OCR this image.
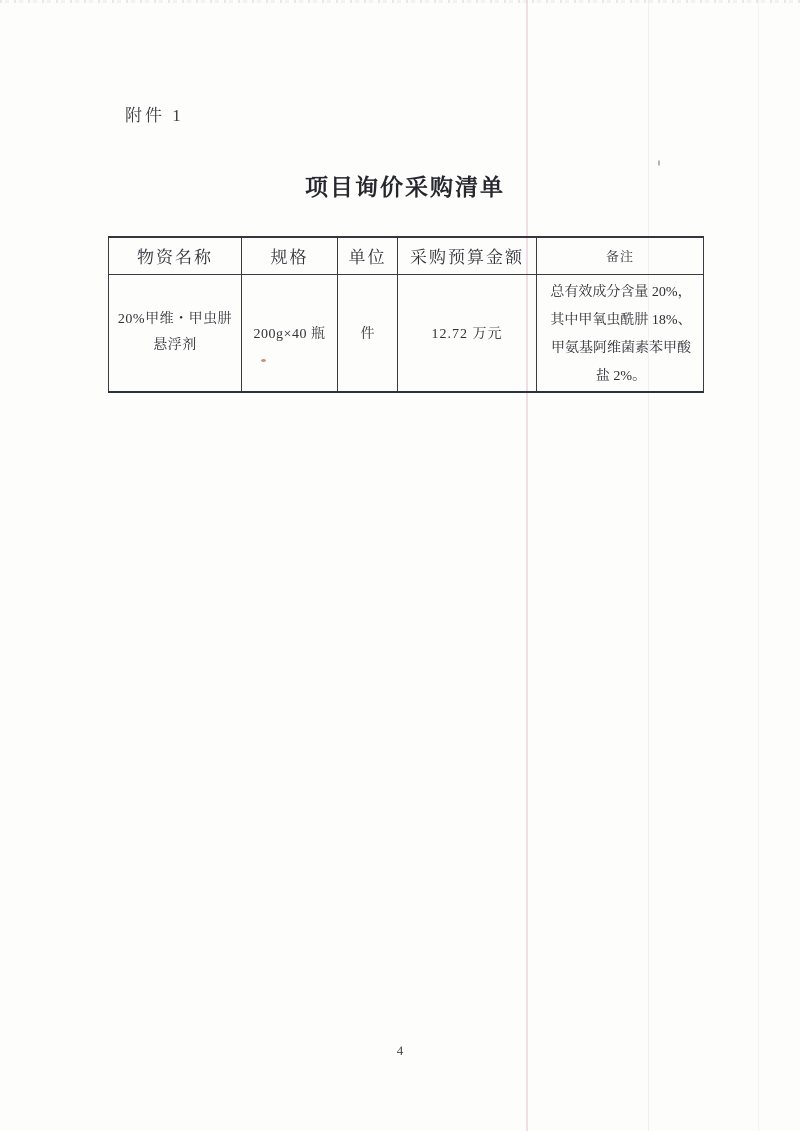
附件 1
项目询价采购清单
物资名称	规格	单位	采购预算金额	备注
20%甲维・甲虫肼悬浮剂	200g×40 瓶	件	12.72 万元	总有效成分含量 20%，其中甲氧虫酰肼 18%、甲氨基阿维菌素苯甲酸盐 2%。
4
